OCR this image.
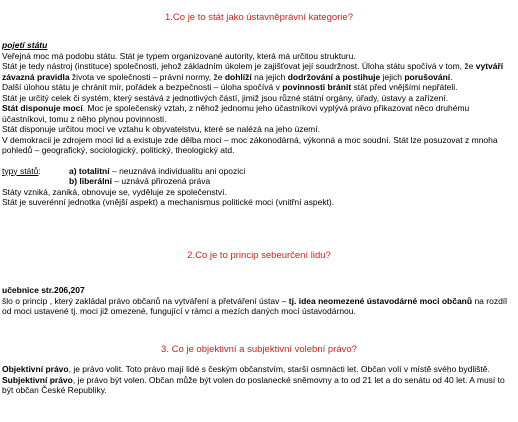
1.Co je to stát jako ústavněprávní kategorie?

pojetí státu

Veřejná moc má podobu státu. Stát je typem organizované autority, která má určitou strukturu.

Stát je tedy nástroj (instituce) společnosti, jehož základním úkolem je zajišťovat její soudržnost. Úloha státu spočívá v tom, že vytváří závazná pravidla života ve společnosti – právní normy, že dohlíží na jejich dodržování a postihuje jejich porušování.

Další úlohou státu je chránit mír, pořádek a bezpečnosti – úloha spočívá v povinnosti bránit stát před vnějšími nepřáteli.

Stát je určitý celek či systém, který sestává z jednotlivých částí, jimiž jsou různé státní orgány, úřady, ústavy a zařízení.

Stát disponuje mocí. Moc je společenský vztah, z něhož jednomu jeho účastníkovi vyplývá právo přikazovat něco druhému účastníkovi, tomu z něho plynou povinnosti.

Stát disponuje určitou mocí ve vztahu k obyvatelstvu, které se nalézá na jeho území.

V demokracii je zdrojem moci lid a existuje zde dělba moci – moc zákonodárná, výkonná a moc soudní. Stát lze posuzovat z mnoha pohledů – geografický, sociologický, politický, theologický atd.

typy států:	a) totalitní – neuznává individualitu ani opozici

b) liberální – uznává přirozená práva

Státy vzniká, zaniká, obnovuje se, vyděluje ze společenství.

Stát je suverénní jednotka (vnější aspekt) a mechanismus politické moci (vnitřní aspekt).

2.Co je to princip sebeurčení lidu?

učebnice str.206,207

šlo o princip , který zakládal právo občanů na vytváření a přetváření ústav – tj. idea neomezené ústavodárné moci občanů na rozdíl od moci ustavené tj. moci již omezené, fungující v rámci a mezích daných mocí ústavodárnou.

3. Co je objektivní a subjektivní volební právo?

Objektivní právo, je právo volit. Toto právo mají lidé s českým občanstvím, starší osmnácti let. Občan volí v místě svého bydliště.

Subjektivní právo, je právo být volen. Občan může být volen do poslanecké sněmovny a to od 21 let a do senátu od 40 let. A musí to být občan České Republiky.
